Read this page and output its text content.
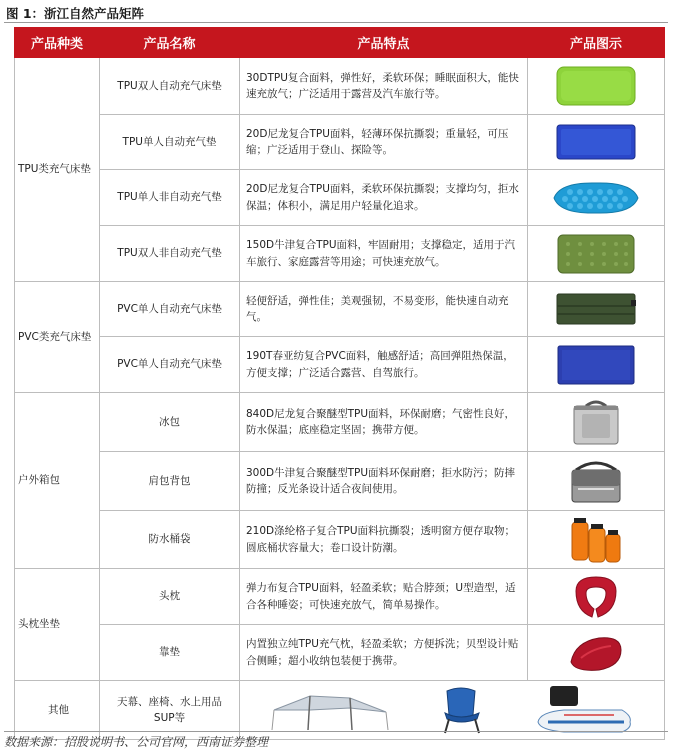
图 1：浙江自然产品矩阵
产品种类	产品名称	产品特点	产品图示
TPU类充气床垫	TPU双人自动充气床垫	30DTPU复合面料，弹性好，柔软环保；睡眠面积大，能快速充放气；广泛适用于露营及汽车旅行等。	

	TPU单人自动充气垫	20D尼龙复合TPU面料，轻薄环保抗撕裂；重量轻，可压缩；广泛适用于登山、探险等。	

	TPU单人非自动充气垫	20D尼龙复合TPU面料，柔软环保抗撕裂；支撑均匀，拒水保温；体积小，满足用户轻量化追求。	

	TPU双人非自动充气垫	150D牛津复合TPU面料，牢固耐用；支撑稳定，适用于汽车旅行、家庭露营等用途；可快速充放气。	

PVC类充气床垫	PVC单人自动充气床垫	轻便舒适，弹性佳；美观强韧，不易变形，能快速自动充气。	

	PVC单人自动充气床垫	190T春亚纺复合PVC面料，触感舒适；高回弹阻热保温，方便支撑；广泛适合露营、自驾旅行。	

户外箱包	冰包	840D尼龙复合聚醚型TPU面料，环保耐磨；气密性良好，防水保温；底座稳定坚固；携带方便。	

	肩包背包	300D牛津复合聚醚型TPU面料环保耐磨；拒水防污；防摔防撞；反光条设计适合夜间使用。	

	防水桶袋	210D涤纶格子复合TPU面料抗撕裂；透明窗方便存取物；圆底桶状容量大；卷口设计防潮。	

头枕坐垫	头枕	弹力布复合TPU面料，轻盈柔软；贴合脖颈；U型造型，适合各种睡姿；可快速充放气，简单易操作。	

	靠垫	内置独立纯TPU充气枕，轻盈柔软；方便拆洗；贝型设计贴合侧睡；超小收纳包装便于携带。	

其他	天幕、座椅、水上用品
SUP等

数据来源：招股说明书、公司官网，西南证券整理
